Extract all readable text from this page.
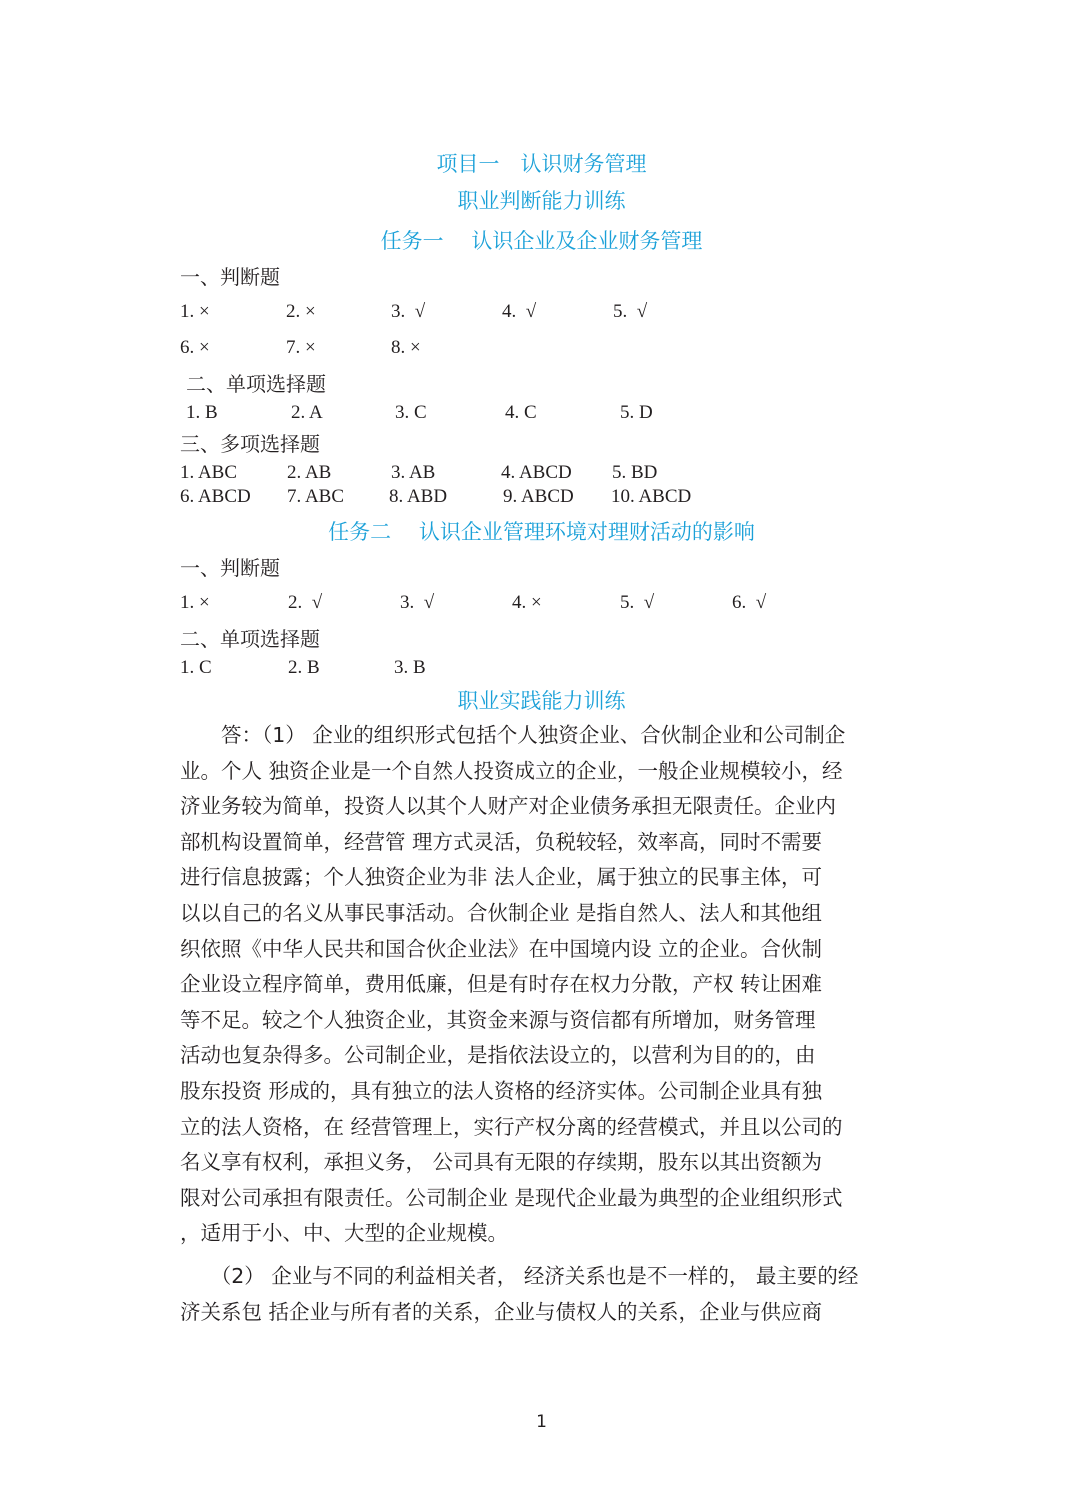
项目一　认识财务管理
职业判断能力训练
任务一　 认识企业及企业财务管理
一、判断题
1. ×	2. ×	3.  √	4.  √	5.  √
6. ×	7. ×	8. ×
二、单项选择题
1. B	2. A	3. C	4. C	5. D
三、多项选择题
1. ABC	2. AB	3. AB	4. ABCD 5. BD
6. ABCD 7. ABC 8. ABD	9. ABCD 10. ABCD
任务二　 认识企业管理环境对理财活动的影响
一、判断题
1. ×	2.  √	3.  √	4. ×	5.  √	6.  √
二、单项选择题
1. C	2. B	3. B
职业实践能力训练
　　答：（1） 企业的组织形式包括个人独资企业、合伙制企业和公司制企
业。个人 独资企业是一个自然人投资成立的企业，一般企业规模较小，经
济业务较为简单，投资人以其个人财产对企业债务承担无限责任。企业内
部机构设置简单，经营管 理方式灵活，负税较轻，效率高，同时不需要
进行信息披露；个人独资企业为非 法人企业，属于独立的民事主体，可
以以自己的名义从事民事活动。合伙制企业 是指自然人、法人和其他组
织依照《中华人民共和国合伙企业法》在中国境内设 立的企业。合伙制
企业设立程序简单，费用低廉，但是有时存在权力分散，产权 转让困难
等不足。较之个人独资企业，其资金来源与资信都有所增加，财务管理
活动也复杂得多。公司制企业，是指依法设立的，以营利为目的的，由
股东投资 形成的，具有独立的法人资格的经济实体。公司制企业具有独
立的法人资格，在 经营管理上，实行产权分离的经营模式，并且以公司的
名义享有权利，承担义务， 公司具有无限的存续期，股东以其出资额为
限对公司承担有限责任。公司制企业 是现代企业最为典型的企业组织形式
，适用于小、中、大型的企业规模。
　　（2） 企业与不同的利益相关者， 经济关系也是不一样的， 最主要的经
济关系包 括企业与所有者的关系，企业与债权人的关系，企业与供应商
1
